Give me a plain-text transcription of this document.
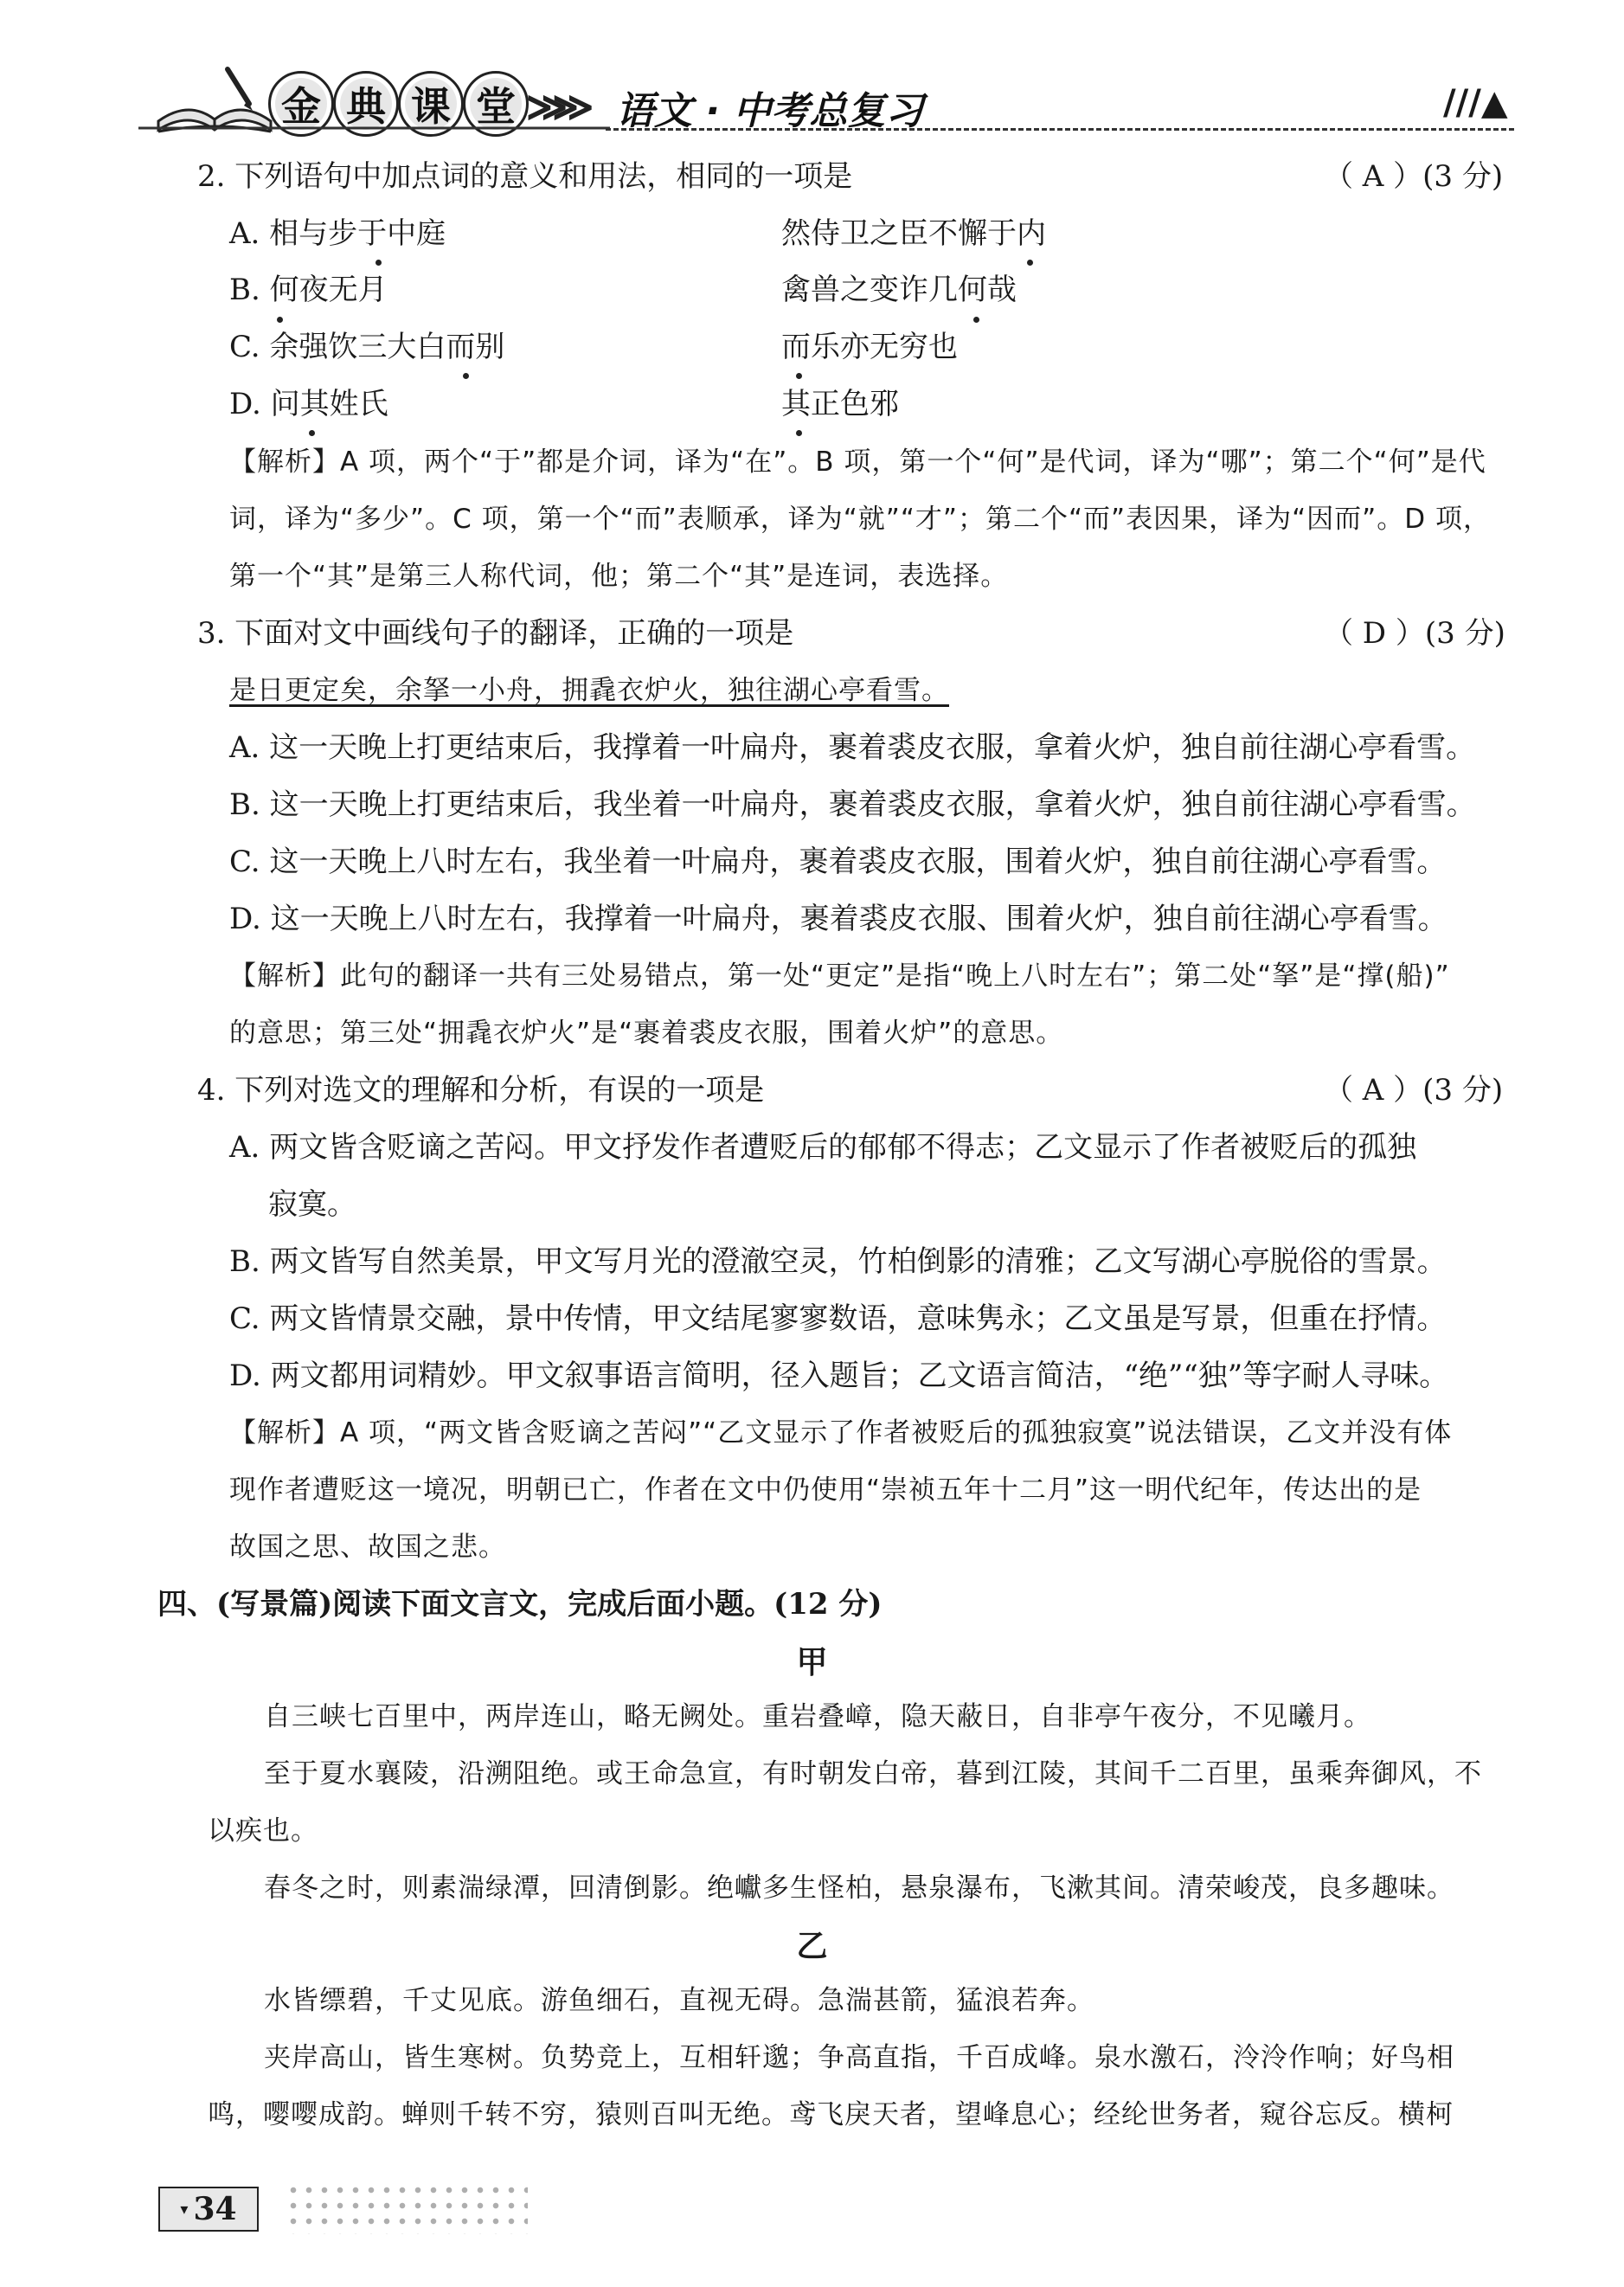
金 典 课 堂 ≫≫ 语文 · 中考总复习	///▲
2. 下列语句中加点词的意义和用法，相同的一项是	（ A ）(3 分)
A. 相与步于中庭	然侍卫之臣不懈于内
B. 何夜无月	禽兽之变诈几何哉
C. 余强饮三大白而别	而乐亦无穷也
D. 问其姓氏	其正色邪
【解析】A 项，两个“于”都是介词，译为“在”。B 项，第一个“何”是代词，译为“哪”；第二个“何”是代
词，译为“多少”。C 项，第一个“而”表顺承，译为“就”“才”；第二个“而”表因果，译为“因而”。D 项，
第一个“其”是第三人称代词，他；第二个“其”是连词，表选择。
3. 下面对文中画线句子的翻译，正确的一项是	（ D ）(3 分)
是日更定矣，余拏一小舟，拥毳衣炉火，独往湖心亭看雪。
A. 这一天晚上打更结束后，我撑着一叶扁舟，裹着裘皮衣服，拿着火炉，独自前往湖心亭看雪。
B. 这一天晚上打更结束后，我坐着一叶扁舟，裹着裘皮衣服，拿着火炉，独自前往湖心亭看雪。
C. 这一天晚上八时左右，我坐着一叶扁舟，裹着裘皮衣服，围着火炉，独自前往湖心亭看雪。
D. 这一天晚上八时左右，我撑着一叶扁舟，裹着裘皮衣服、围着火炉，独自前往湖心亭看雪。
【解析】此句的翻译一共有三处易错点，第一处“更定”是指“晚上八时左右”；第二处“拏”是“撑(船)”
的意思；第三处“拥毳衣炉火”是“裹着裘皮衣服，围着火炉”的意思。
4. 下列对选文的理解和分析，有误的一项是	（ A ）(3 分)
A. 两文皆含贬谪之苦闷。甲文抒发作者遭贬后的郁郁不得志；乙文显示了作者被贬后的孤独
寂寞。
B. 两文皆写自然美景，甲文写月光的澄澈空灵，竹柏倒影的清雅；乙文写湖心亭脱俗的雪景。
C. 两文皆情景交融，景中传情，甲文结尾寥寥数语，意味隽永；乙文虽是写景，但重在抒情。
D. 两文都用词精妙。甲文叙事语言简明，径入题旨；乙文语言简洁，“绝”“独”等字耐人寻味。
【解析】A 项，“两文皆含贬谪之苦闷”“乙文显示了作者被贬后的孤独寂寞”说法错误，乙文并没有体
现作者遭贬这一境况，明朝已亡，作者在文中仍使用“崇祯五年十二月”这一明代纪年，传达出的是
故国之思、故国之悲。
四、(写景篇)阅读下面文言文，完成后面小题。(12 分)
甲
自三峡七百里中，两岸连山，略无阙处。重岩叠嶂，隐天蔽日，自非亭午夜分，不见曦月。
至于夏水襄陵，沿溯阻绝。或王命急宣，有时朝发白帝，暮到江陵，其间千二百里，虽乘奔御风，不
以疾也。
春冬之时，则素湍绿潭，回清倒影。绝巘多生怪柏，悬泉瀑布，飞漱其间。清荣峻茂，良多趣味。
乙
水皆缥碧，千丈见底。游鱼细石，直视无碍。急湍甚箭，猛浪若奔。
夹岸高山，皆生寒树。负势竞上，互相轩邈；争高直指，千百成峰。泉水激石，泠泠作响；好鸟相
鸣，嘤嘤成韵。蝉则千转不穷，猿则百叫无绝。鸢飞戾天者，望峰息心；经纶世务者，窥谷忘反。横柯
▾ 34
